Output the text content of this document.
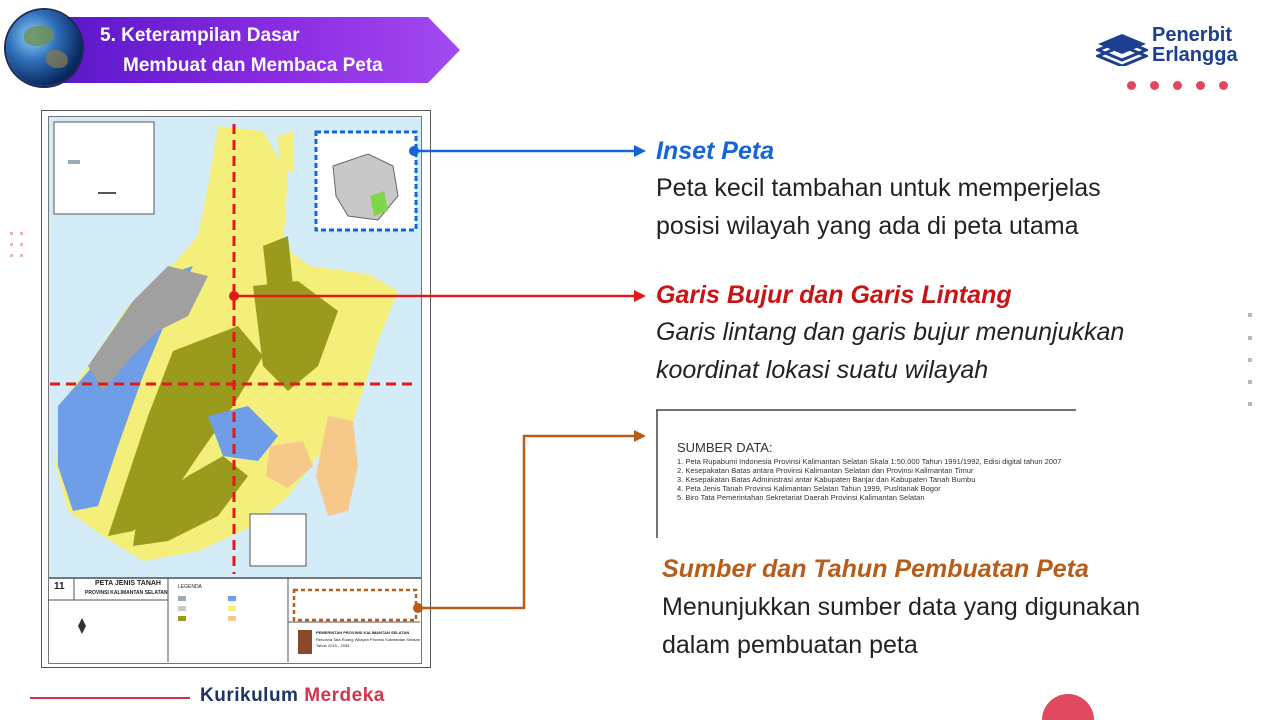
5. Keterampilan Dasar
Membuat dan Membaca Peta
Penerbit
Erlangga
11	PETA JENIS TANAH
PROVINSI KALIMANTAN SELATAN
LEGENDA
PEMERINTAH PROVINSI KALIMANTAN SELATAN
Rencana Tata Ruang Wilayah Provinsi Kalimantan Selatan
Tahun 2015 - 2035
Inset Peta
Peta kecil tambahan untuk memperjelas
posisi wilayah yang ada di peta utama
Garis Bujur dan Garis Lintang
Garis lintang dan garis bujur menunjukkan
koordinat lokasi suatu wilayah
SUMBER DATA:
1. Peta Rupabumi Indonesia Provinsi Kalimantan Selatan Skala 1:50.000 Tahun 1991/1992, Edisi digital tahun 2007
2. Kesepakatan Batas antara Provinsi Kalimantan Selatan dan Provinsi Kalimantan Timur
3. Kesepakatan Batas Administrasi antar Kabupaten Banjar dan Kabupaten Tanah Bumbu
4. Peta Jenis Tanah Provinsi Kalimantan Selatan Tahun 1999, Puslitanak Bogor
5. Biro Tata Pemerintahan Sekretariat Daerah Provinsi Kalimantan Selatan
Sumber dan Tahun Pembuatan Peta
Menunjukkan sumber data yang digunakan
dalam pembuatan peta
Kurikulum Merdeka
